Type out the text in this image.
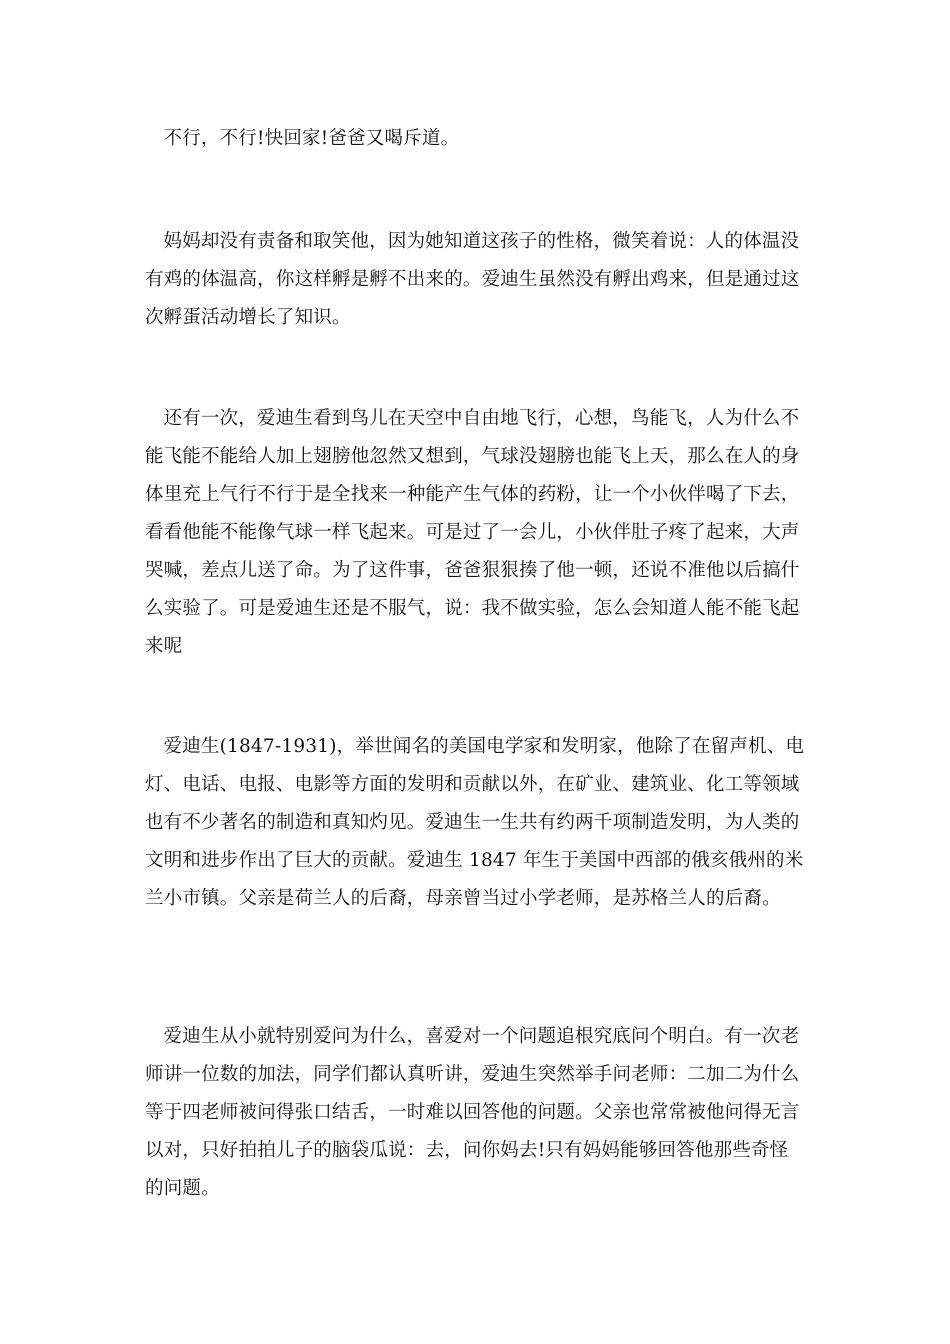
不行，不行!快回家!爸爸又喝斥道。

妈妈却没有责备和取笑他，因为她知道这孩子的性格，微笑着说：人的体温没有鸡的体温高，你这样孵是孵不出来的。爱迪生虽然没有孵出鸡来，但是通过这次孵蛋活动增长了知识。

还有一次，爱迪生看到鸟儿在天空中自由地飞行，心想，鸟能飞，人为什么不能飞能不能给人加上翅膀他忽然又想到，气球没翅膀也能飞上天，那么在人的身体里充上气行不行于是全找来一种能产生气体的药粉，让一个小伙伴喝了下去，看看他能不能像气球一样飞起来。可是过了一会儿，小伙伴肚子疼了起来，大声哭喊，差点儿送了命。为了这件事，爸爸狠狠揍了他一顿，还说不准他以后搞什么实验了。可是爱迪生还是不服气，说：我不做实验，怎么会知道人能不能飞起来呢

爱迪生(1847-1931)，举世闻名的美国电学家和发明家，他除了在留声机、电灯、电话、电报、电影等方面的发明和贡献以外，在矿业、建筑业、化工等领域也有不少著名的制造和真知灼见。爱迪生一生共有约两千项制造发明，为人类的文明和进步作出了巨大的贡献。爱迪生 1847 年生于美国中西部的俄亥俄州的米兰小市镇。父亲是荷兰人的后裔，母亲曾当过小学老师，是苏格兰人的后裔。

爱迪生从小就特别爱问为什么，喜爱对一个问题追根究底问个明白。有一次老师讲一位数的加法，同学们都认真听讲，爱迪生突然举手问老师：二加二为什么等于四老师被问得张口结舌，一时难以回答他的问题。父亲也常常被他问得无言以对，只好拍拍儿子的脑袋瓜说：去，问你妈去!只有妈妈能够回答他那些奇怪的问题。
